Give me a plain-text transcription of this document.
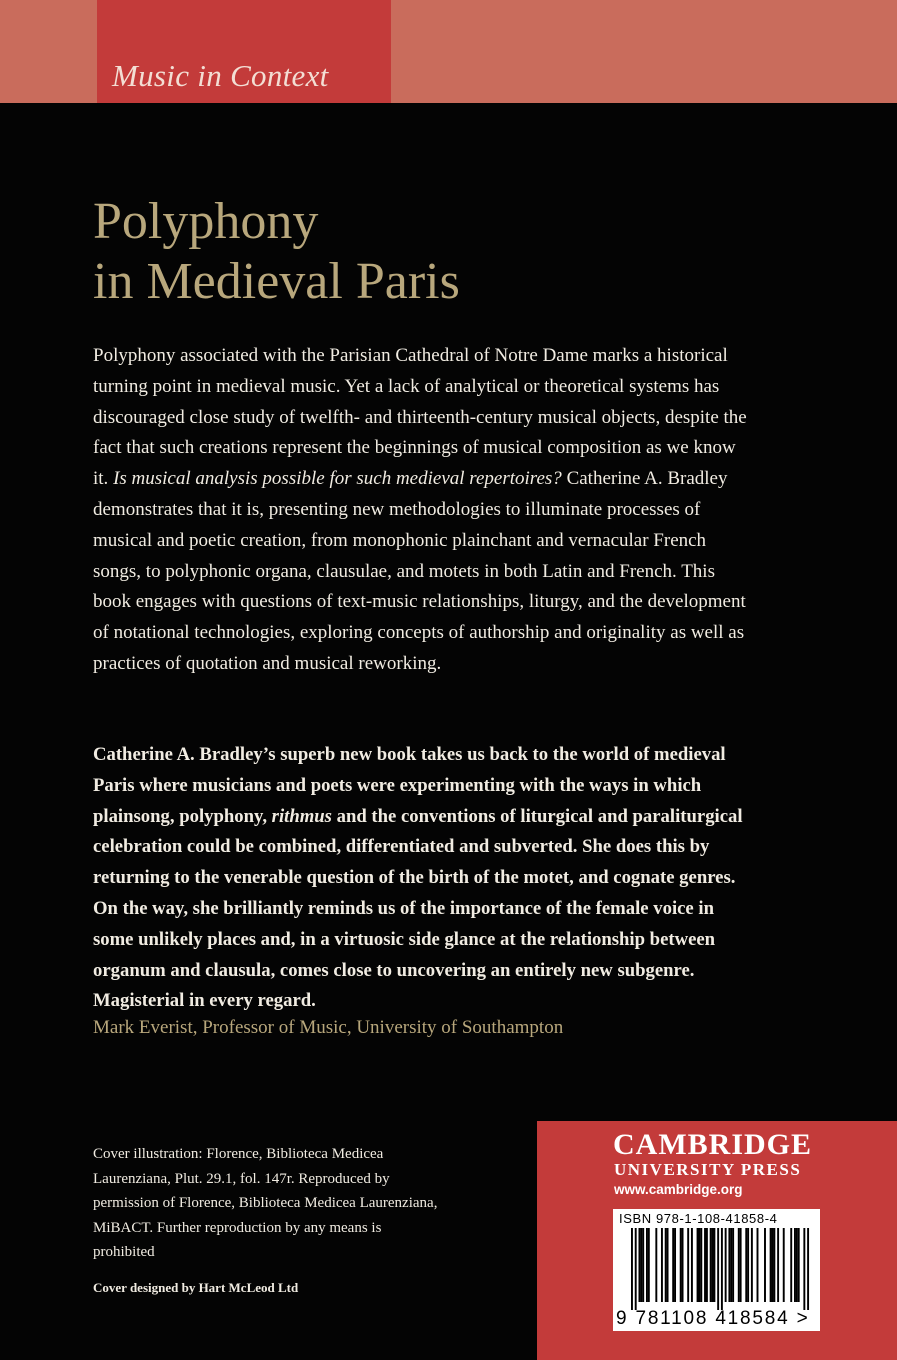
Music in Context
Polyphony
in Medieval Paris

Polyphony associated with the Parisian Cathedral of Notre Dame marks a historical turning point in medieval music. Yet a lack of analytical or theoretical systems has discouraged close study of twelfth- and thirteenth-century musical objects, despite the fact that such creations represent the beginnings of musical composition as we know it. Is musical analysis possible for such medieval repertoires? Catherine A. Bradley demonstrates that it is, presenting new methodologies to illuminate processes of musical and poetic creation, from monophonic plainchant and vernacular French songs, to polyphonic organa, clausulae, and motets in both Latin and French. This book engages with questions of text-music relationships, liturgy, and the development of notational technologies, exploring concepts of authorship and originality as well as practices of quotation and musical reworking.

Catherine A. Bradley’s superb new book takes us back to the world of medieval Paris where musicians and poets were experimenting with the ways in which plainsong, polyphony, rithmus and the conventions of liturgical and paraliturgical celebration could be combined, differentiated and subverted. She does this by returning to the venerable question of the birth of the motet, and cognate genres. On the way, she brilliantly reminds us of the importance of the female voice in some unlikely places and, in a virtuosic side glance at the relationship between organum and clausula, comes close to uncovering an entirely new subgenre. Magisterial in every regard.

Mark Everist, Professor of Music, University of Southampton

Cover illustration: Florence, Biblioteca Medicea Laurenziana, Plut. 29.1, fol. 147r. Reproduced by permission of Florence, Biblioteca Medicea Laurenziana, MiBACT. Further reproduction by any means is prohibited

Cover designed by Hart McLeod Ltd
CAMBRIDGE
UNIVERSITY PRESS
www.cambridge.org
ISBN 978-1-108-41858-4
9 781108 418584 >
